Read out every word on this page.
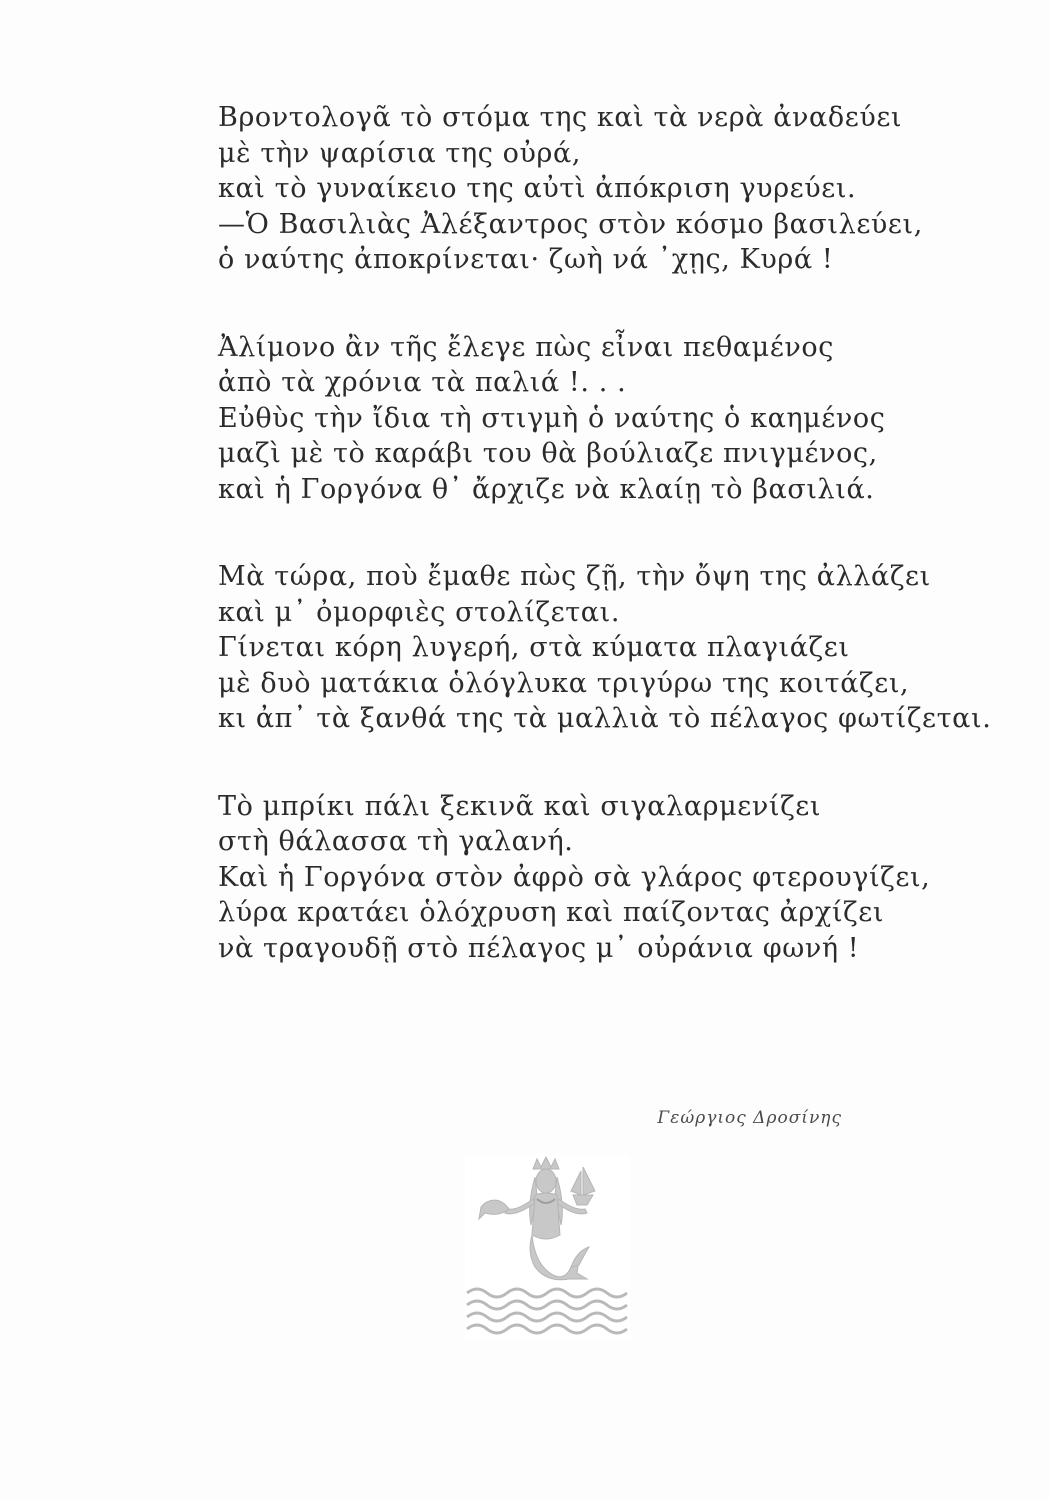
Βροντολογᾶ τὸ στόμα της καὶ τὰ νερὰ ἀναδεύει
μὲ τὴν ψαρίσια της οὐρά,
καὶ τὸ γυναίκειο της αὐτὶ ἀπόκριση γυρεύει.
—Ὁ Βασιλιὰς Ἀλέξαντρος στὸν κόσμο βασιλεύει,
ὁ ναύτης ἀποκρίνεται· ζωὴ νά ᾽χῃς, Κυρά !
Ἀλίμονο ἂν τῆς ἔλεγε πὼς εἶναι πεθαμένος
ἀπὸ τὰ χρόνια τὰ παλιά !. . .
Εὐθὺς τὴν ἴδια τὴ στιγμὴ ὁ ναύτης ὁ καημένος
μαζὶ μὲ τὸ καράβι του θὰ βούλιαζε πνιγμένος,
καὶ ἡ Γοργόνα θ᾽ ἄρχιζε νὰ κλαίῃ τὸ βασιλιά.
Μὰ τώρα, ποὺ ἔμαθε πὼς ζῇ, τὴν ὄψη της ἀλλάζει
καὶ μ᾽ ὀμορφιὲς στολίζεται.
Γίνεται κόρη λυγερή, στὰ κύματα πλαγιάζει
μὲ δυὸ ματάκια ὁλόγλυκα τριγύρω της κοιτάζει,
κι ἀπ᾽ τὰ ξανθά της τὰ μαλλιὰ τὸ πέλαγος φωτίζεται.
Τὸ μπρίκι πάλι ξεκινᾶ καὶ σιγαλαρμενίζει
στὴ θάλασσα τὴ γαλανή.
Καὶ ἡ Γοργόνα στὸν ἀφρὸ σὰ γλάρος φτερουγίζει,
λύρα κρατάει ὁλόχρυση καὶ παίζοντας ἀρχίζει
νὰ τραγουδῇ στὸ πέλαγος μ᾽ οὐράνια φωνή !
Γεώργιος Δροσίνης
